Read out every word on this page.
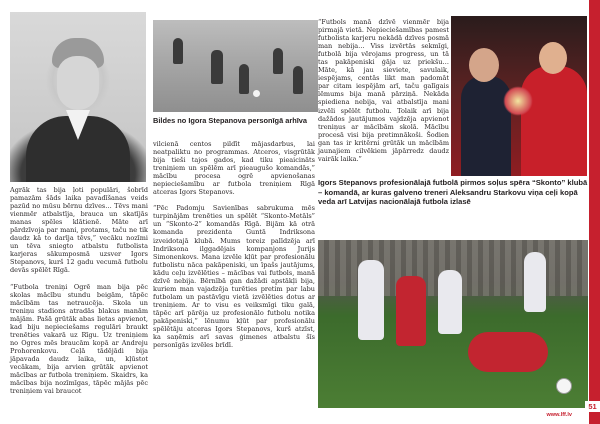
Bildes no Igora Stepanova personīgā arhīva
Igors Stepanovs profesionālajā futbolā pirmos soļus spēra “Skonto” klubā – komandā, ar kuras galveno treneri Aleksandru Starkovu viņa ceļi kopā veda arī Latvijas nacionālajā futbola izlasē

Agrāk tas bija ļoti populāri, šobrīd pamazām šāds laika pavadīšanas veids pazūd no mūsu bērnu dzīves… Tēvs mani vienmēr atbalstīja, brauca un skatījās manas spēles klātienē. Māte arī pārdzīvoja par mani, protams, taču ne tik daudz kā to darīja tēvs,” vecāku nozīmi un tēva sniegto atbalstu futbolista karjeras sākumposmā uzsver Igors Stepanovs, kurš 12 gadu vecumā futbolu devās spēlēt Rīgā.

“Futbola treniņi Ogrē man bija pēc skolas mācību stundu beigām, tāpēc mācībām tas netraucēja. Skola un treniņu stadions atradās blakus manām mājām. Pašā grūtāk abas lietas apvienot, kad biju nepieciešams regulāri braukt trenēties vakarā uz Rīgu. Uz treniņiem no Ogres mēs braucām kopā ar Andreju Prohorenkovu. Ceļā tādējādi bija jāpavada daudz laika, un, kļūstot vecākam, bija arvien grūtāk apvienot mācības ar futbola treniņiem. Skaidrs, ka mācības bija nozīmīgas, tāpēc mājās pēc treniņiem vai braucot

vilcienā centos pildīt mājasdarbus, lai neatpaliktu no programmas. Atceros, visgrūtāk bija tieši tajos gados, kad tiku pieaicināts treniņiem un spēlēm arī pieaugušo komandās,” mācību procesa ogrē apvienošanas nepieciešamību ar futbola treniņiem Rīgā atceras Igors Stepanovs.

“Pēc Padomju Savienības sabrukuma mēs turpinājām trenēties un spēlēt “Skonto-Metāls” un “Skonto-2” komandās Rīgā. Bijām kā otrā komanda prezidenta Guntā Indriksona izveidotajā klubā. Mums toreiz palīdzēja arī Indriksona ilggadējais kompanjons Jurijs Simonenkovs. Mana izvēle kļūt par profesionālu futbolistu nāca pakāpeniski, un īpašs jautājums, kādu ceļu izvēlēties – mācības vai futbols, manā dzīvē nebija. Bērnībā gan dažādi apstākļi bija, kuriem man vajadzēja turēties pretim par labu futbolam un pastāvīgu vietā izvēlēties dotus ar treniņiem. Ar to visu es veiksmīgi tiku galā, tāpēc arī pārēja uz profesionālo futbolu notika pakāpeniski,” lēnumu kļūt par profesionālu spēlētāju atceras Igors Stepanovs, kurš atzīst, ka saņēmis arī savas ģimenes atbalstu šīs personīgās izvēles brīdī.

“Futbols manā dzīvē vienmēr bija pirmajā vietā. Nepieciešamības pamest futbolista karjeru nekādā dzīves posmā man nebija… Viss izvērtās sekmīgi, futbolā bija vērojams progress, un tā tas pakāpeniski ģāja uz priekšu… Māte, kā jau sieviete, savulaik, iespējams, centās likt man padomāt par citam iespējām arī, taču galīgais lēmums bija manā pārziņā. Nekāda spiediena nebija, vai atbalstīja mani izvēli spēlēt futbolu. Tolaik arī bija dažādos jautājumos vajdzēja apvienot treniņus ar mācībām skolā. Mācību procesā visi bija pretimnākoši. Šodien gan tas ir kritērni grūtāk un mācībām jaunajiem cilvēkiem jāpārredz daudz vairāk laika.”

www.lff.lv
51
